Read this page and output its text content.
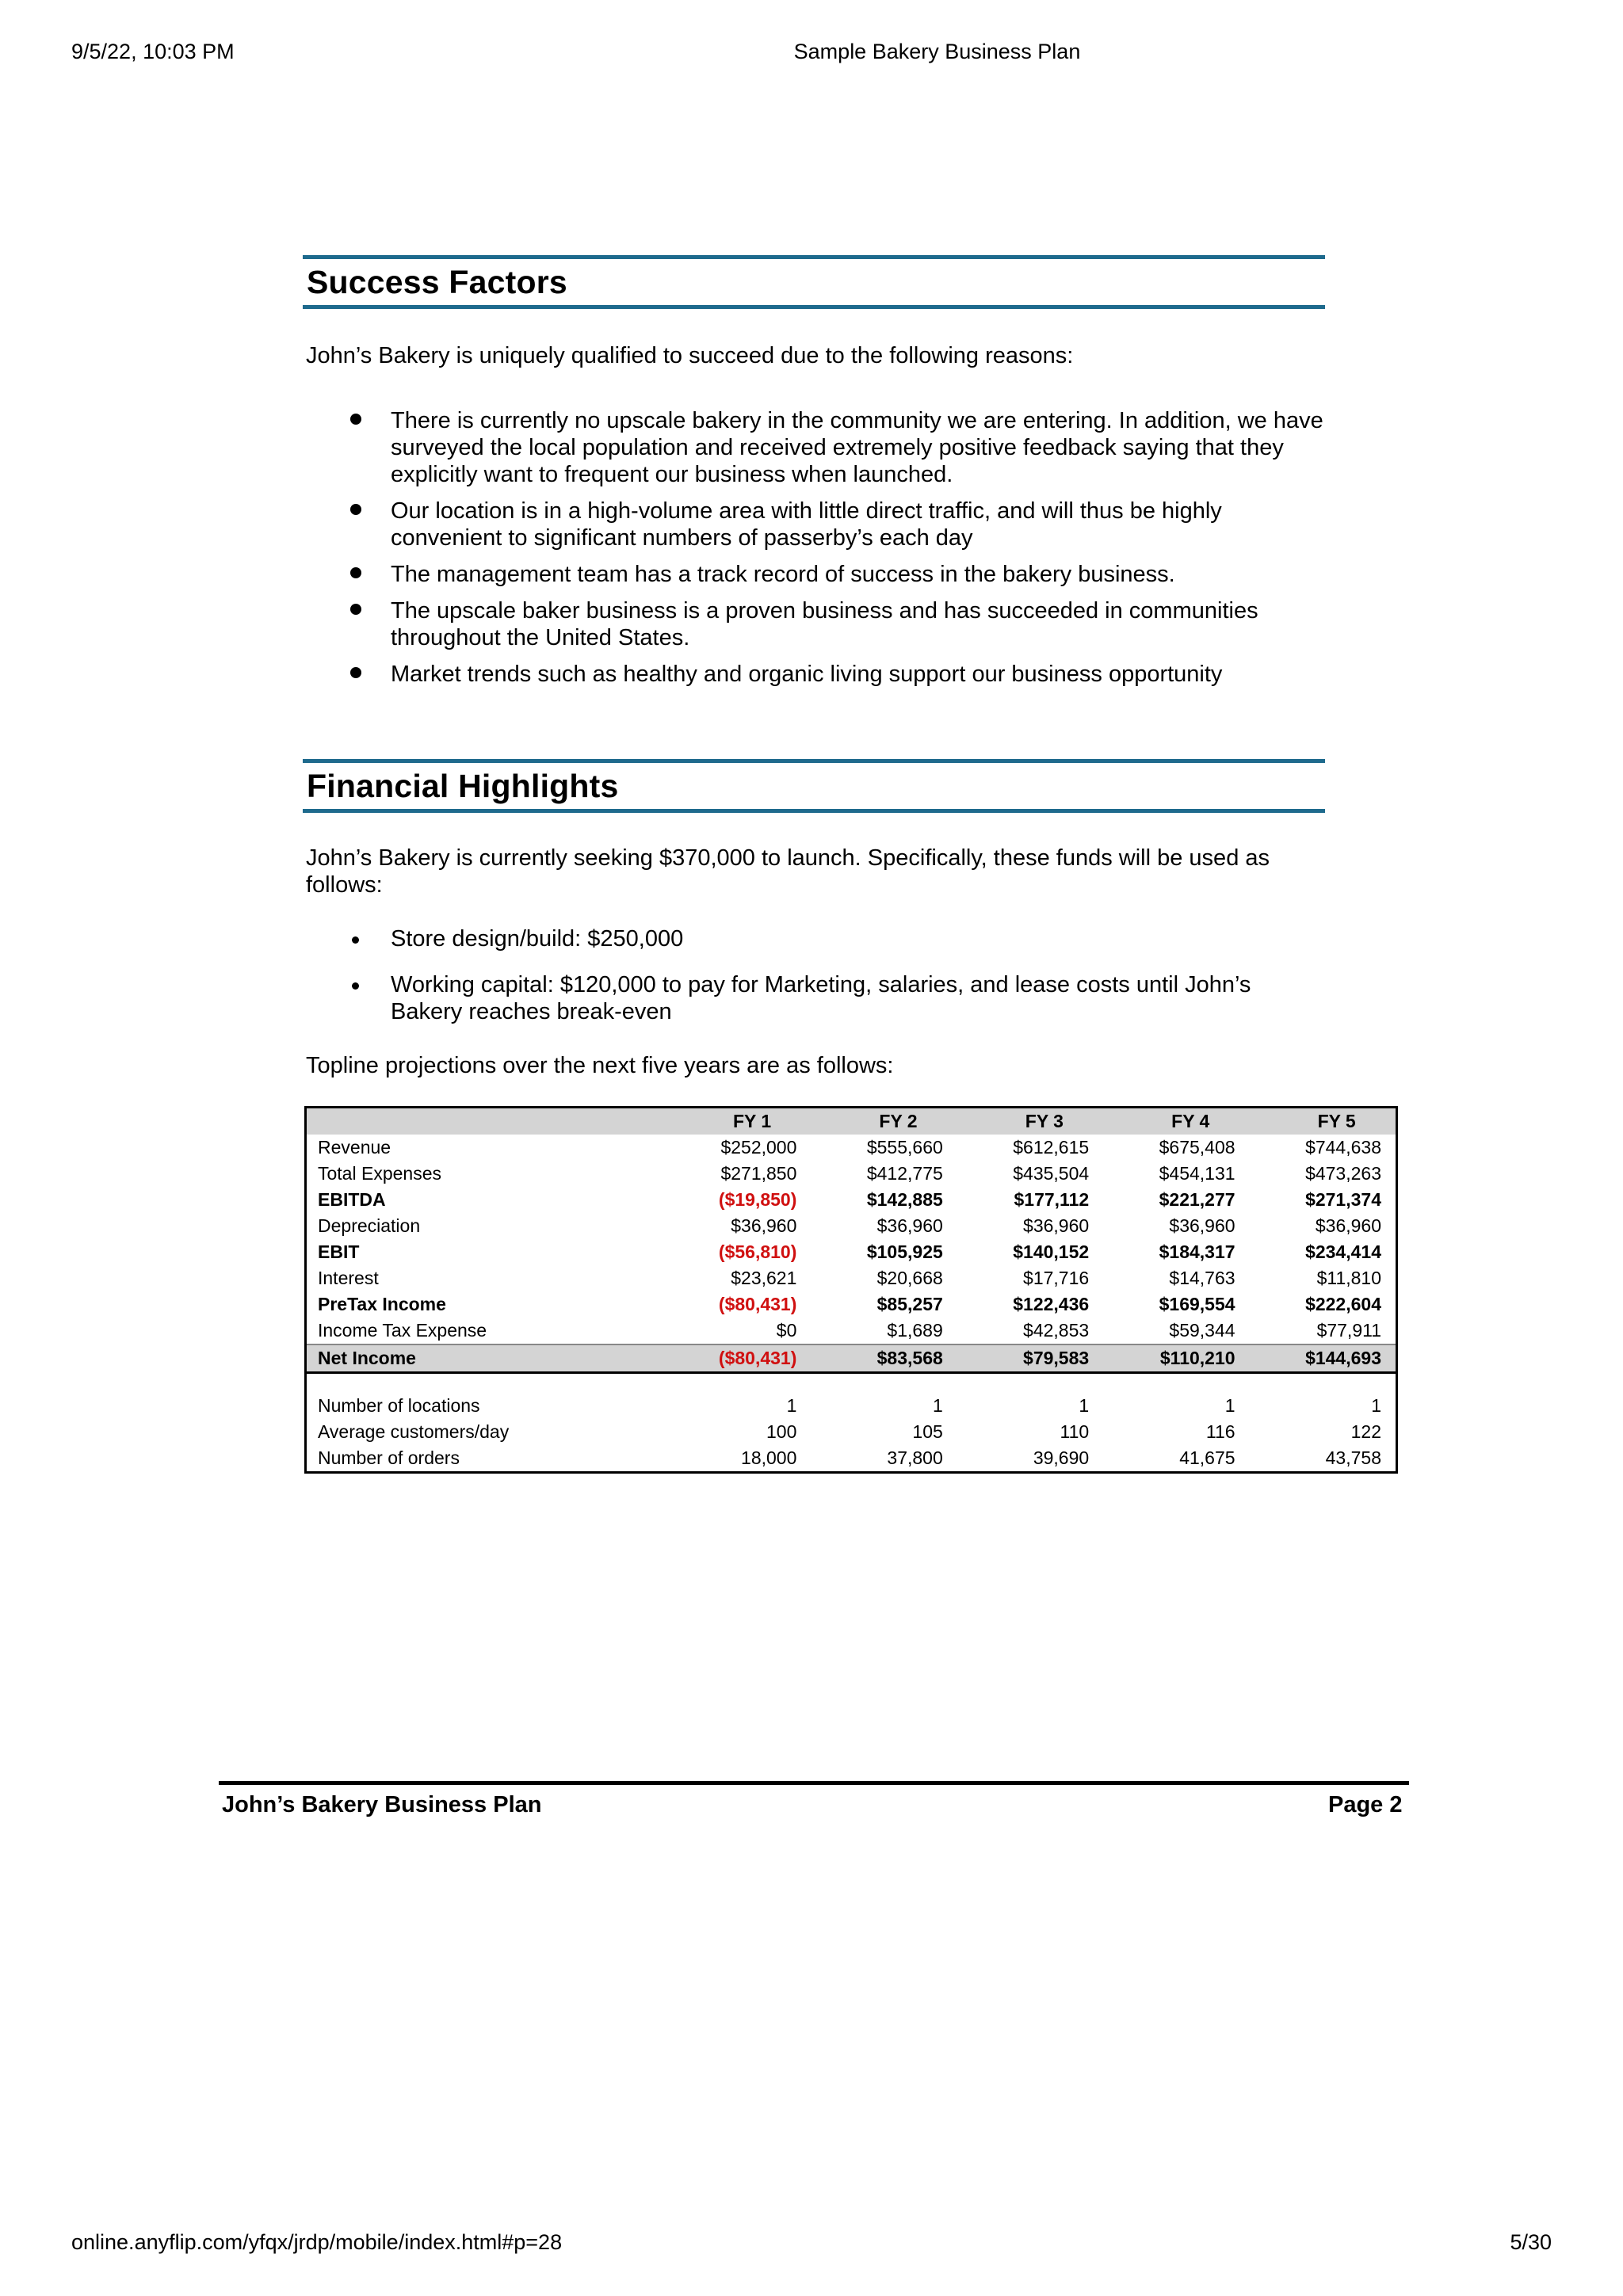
9/5/22, 10:03 PM	Sample Bakery Business Plan
Success Factors
John’s Bakery is uniquely qualified to succeed due to the following reasons:
There is currently no upscale bakery in the community we are entering. In addition, we have surveyed the local population and received extremely positive feedback saying that they explicitly want to frequent our business when launched.
Our location is in a high-volume area with little direct traffic, and will thus be highly convenient to significant numbers of passerby’s each day
The management team has a track record of success in the bakery business.
The upscale baker business is a proven business and has succeeded in communities throughout the United States.
Market trends such as healthy and organic living support our business opportunity
Financial Highlights
John’s Bakery is currently seeking $370,000 to launch. Specifically, these funds will be used as follows:
Store design/build: $250,000
Working capital: $120,000 to pay for Marketing, salaries, and lease costs until John’s Bakery reaches break-even
Topline projections over the next five years are as follows:
	FY 1	FY 2	FY 3	FY 4	FY 5
Revenue	$252,000	$555,660	$612,615	$675,408	$744,638
Total Expenses	$271,850	$412,775	$435,504	$454,131	$473,263
EBITDA	($19,850)	$142,885	$177,112	$221,277	$271,374
Depreciation	$36,960	$36,960	$36,960	$36,960	$36,960
EBIT	($56,810)	$105,925	$140,152	$184,317	$234,414
Interest	$23,621	$20,668	$17,716	$14,763	$11,810
PreTax Income	($80,431)	$85,257	$122,436	$169,554	$222,604
Income Tax Expense	$0	$1,689	$42,853	$59,344	$77,911
Net Income	($80,431)	$83,568	$79,583	$110,210	$144,693

Number of locations	1	1	1	1	1
Average customers/day	100	105	110	116	122
Number of orders	18,000	37,800	39,690	41,675	43,758
John’s Bakery Business Plan	Page 2
online.anyflip.com/yfqx/jrdp/mobile/index.html#p=28	5/30
